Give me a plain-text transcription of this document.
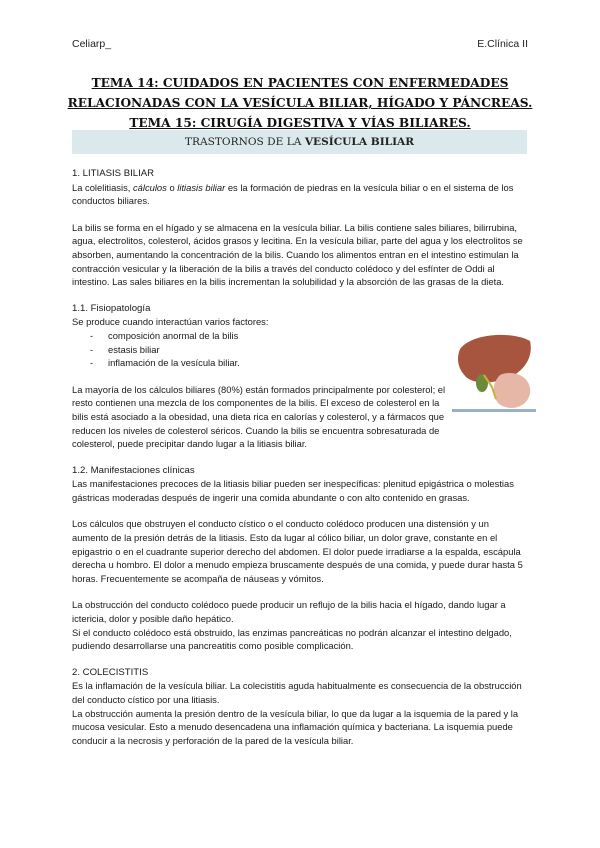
Celiarp_	E.Clínica II
TEMA 14: CUIDADOS EN PACIENTES CON ENFERMEDADES
RELACIONADAS CON LA VESÍCULA BILIAR, HÍGADO Y PÁNCREAS.
TEMA 15: CIRUGÍA DIGESTIVA Y VÍAS BILIARES.
TRASTORNOS DE LA VESÍCULA BILIAR

1. LITIASIS BILIAR

La colelitiasis, cálculos o litiasis biliar es la formación de piedras en la vesícula biliar o en el sistema de los conductos biliares.

La bilis se forma en el hígado y se almacena en la vesícula biliar. La bilis contiene sales biliares, bilirrubina, agua, electrolitos, colesterol, ácidos grasos y lecitina. En la vesícula biliar, parte del agua y los electrolitos se absorben, aumentando la concentración de la bilis. Cuando los alimentos entran en el intestino estimulan la contracción vesicular y la liberación de la bilis a través del conducto colédoco y del esfínter de Oddi al intestino. Las sales biliares en la bilis incrementan la solubilidad y la absorción de las grasas de la dieta.

1.1. Fisiopatología

Se produce cuando interactúan varios factores:

- composición anormal de la bilis
- estasis biliar
- inflamación de la vesícula biliar.

La mayoría de los cálculos biliares (80%) están formados principalmente por colesterol; el resto contienen una mezcla de los componentes de la bilis. El exceso de colesterol en la bilis está asociado a la obesidad, una dieta rica en calorías y colesterol, y a fármacos que reducen los niveles de colesterol séricos. Cuando la bilis se encuentra sobresaturada de colesterol, puede precipitar dando lugar a la litiasis biliar.

1.2. Manifestaciones clínicas

Las manifestaciones precoces de la litiasis biliar pueden ser inespecíficas: plenitud epigástrica o molestias gástricas moderadas después de ingerir una comida abundante o con alto contenido en grasas.

Los cálculos que obstruyen el conducto cístico o el conducto colédoco producen una distensión y un aumento de la presión detrás de la litiasis. Esto da lugar al cólico biliar, un dolor grave, constante en el epigastrio o en el cuadrante superior derecho del abdomen. El dolor puede irradiarse a la espalda, escápula derecha u hombro. El dolor a menudo empieza bruscamente después de una comida, y puede durar hasta 5 horas. Frecuentemente se acompaña de náuseas y vómitos.

La obstrucción del conducto colédoco puede producir un reflujo de la bilis hacia el hígado, dando lugar a ictericia, dolor y posible daño hepático.

Si el conducto colédoco está obstruido, las enzimas pancreáticas no podrán alcanzar el intestino delgado, pudiendo desarrollarse una pancreatitis como posible complicación.

2. COLECISTITIS

Es la inflamación de la vesícula biliar. La colecistitis aguda habitualmente es consecuencia de la obstrucción del conducto cístico por una litiasis.

La obstrucción aumenta la presión dentro de la vesícula biliar, lo que da lugar a la isquemia de la pared y la mucosa vesicular. Esto a menudo desencadena una inflamación química y bacteriana. La isquemia puede conducir a la necrosis y perforación de la pared de la vesícula biliar.
